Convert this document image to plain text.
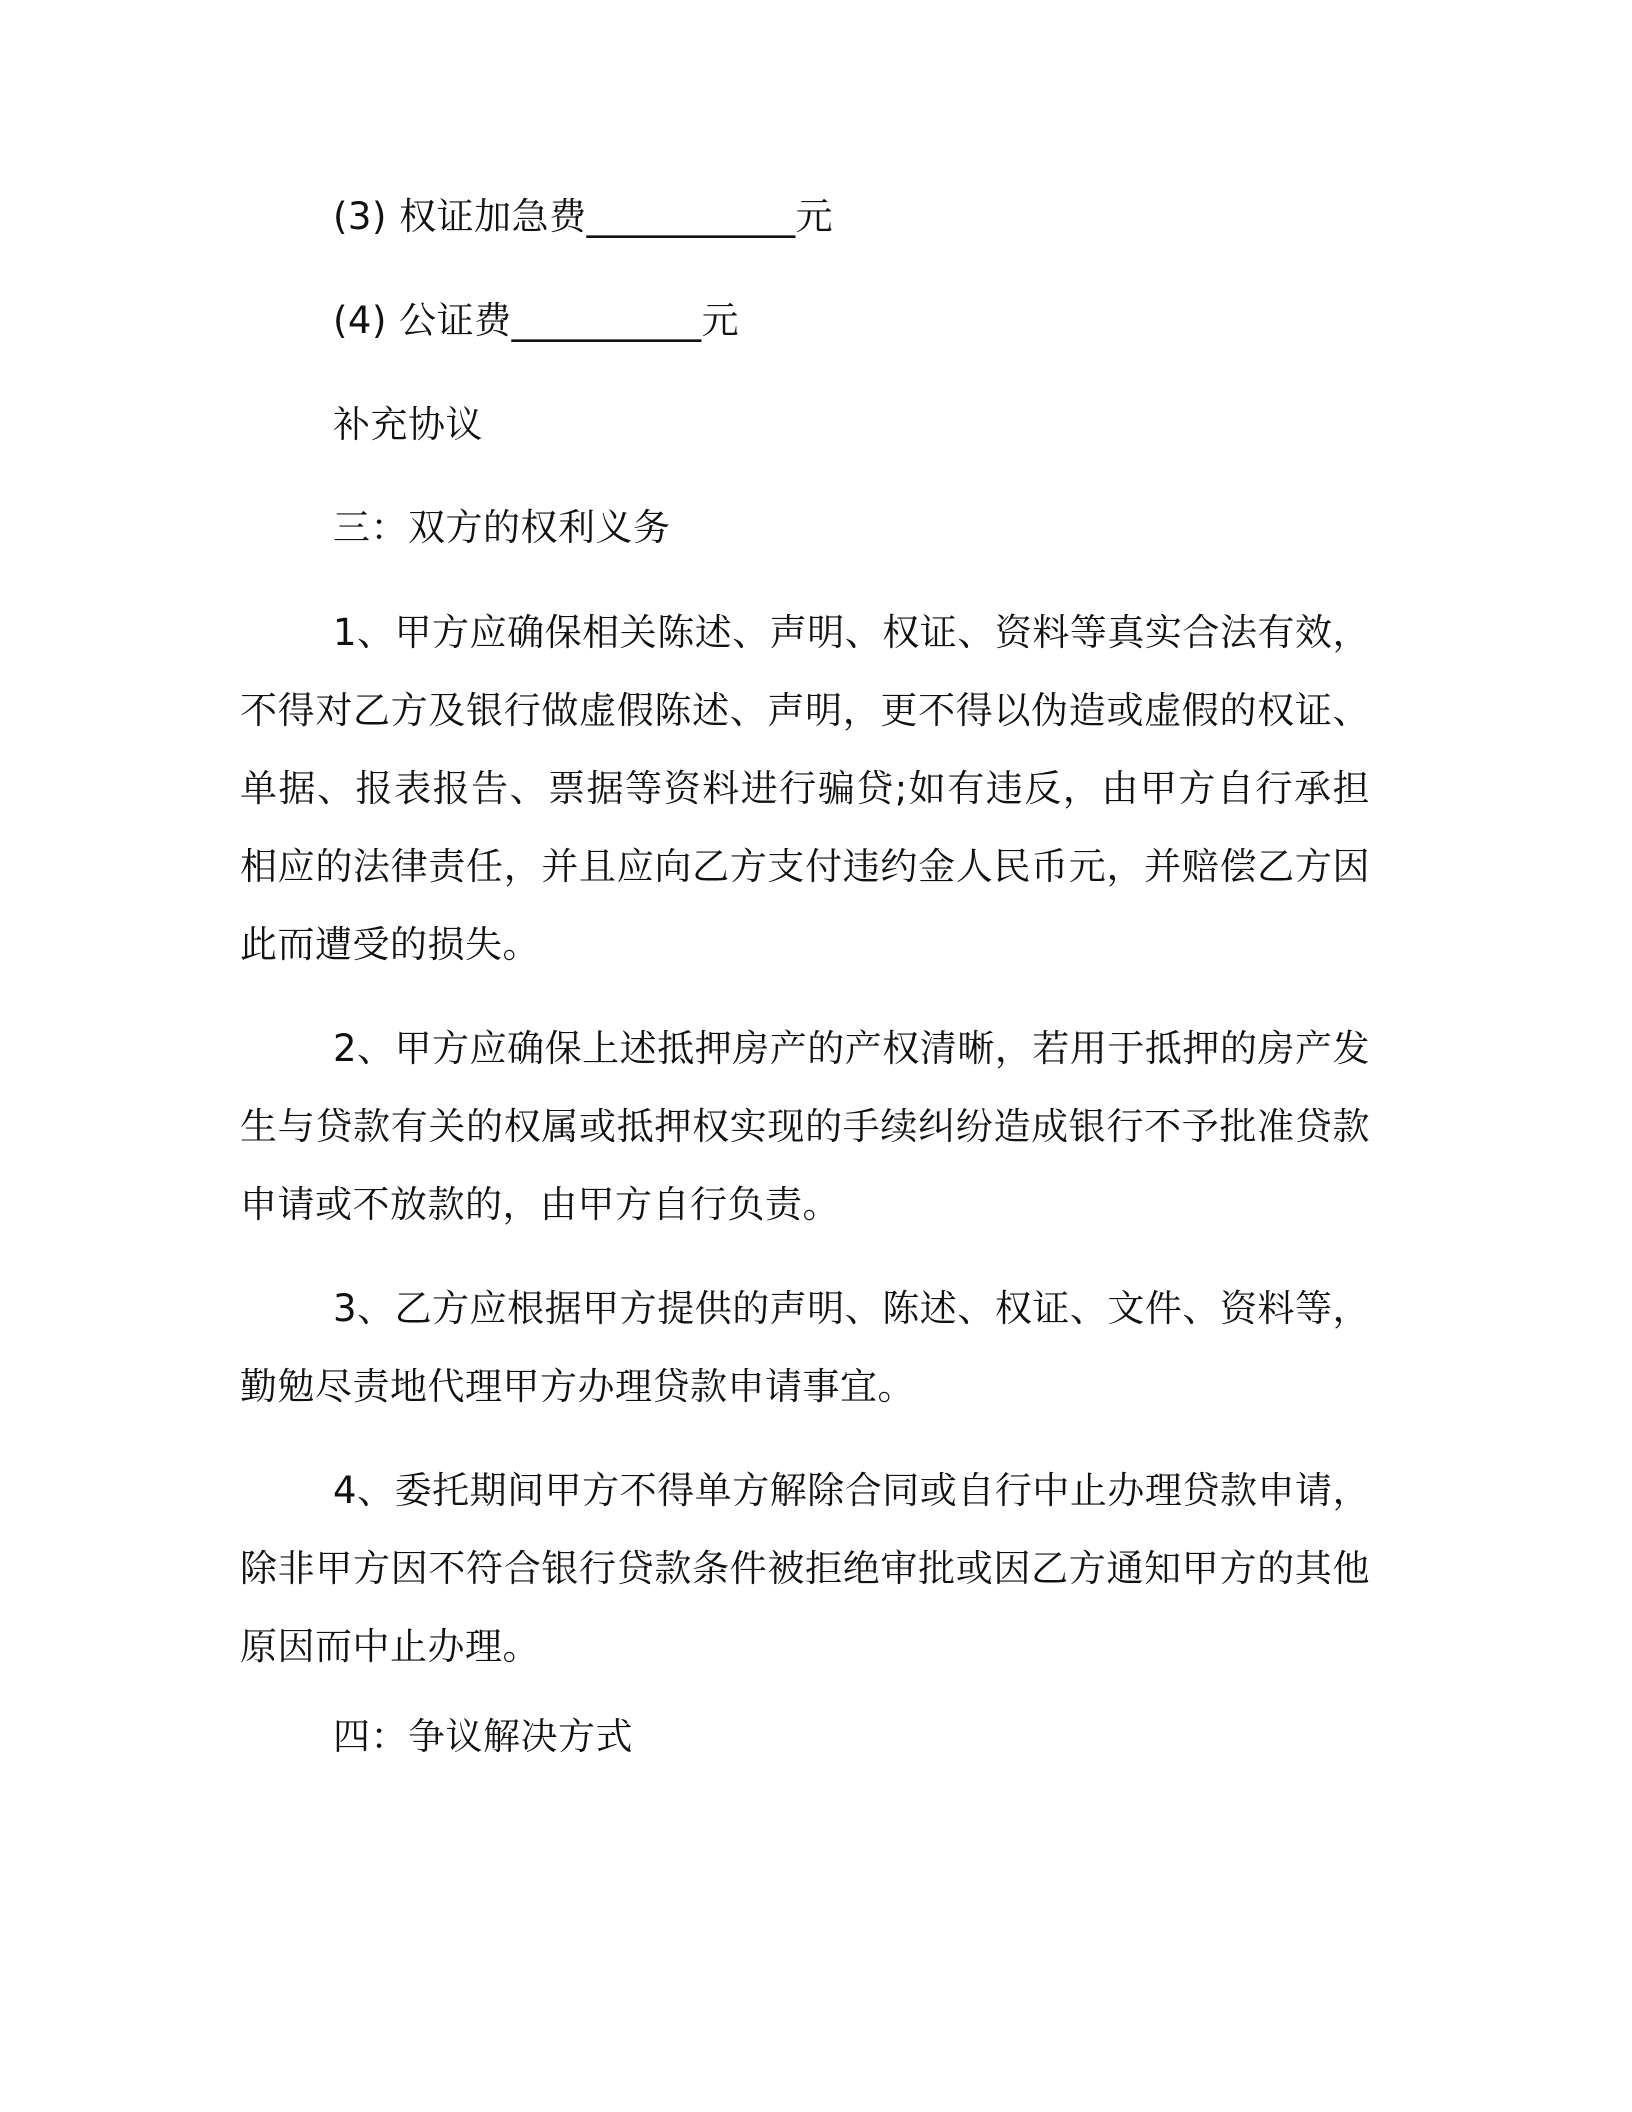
(3) 权证加急费___________元
(4) 公证费__________元
补充协议
三：双方的权利义务
1、甲方应确保相关陈述、声明、权证、资料等真实合法有效，不得对乙方及银行做虚假陈述、声明，更不得以伪造或虚假的权证、单据、报表报告、票据等资料进行骗贷;如有违反，由甲方自行承担相应的法律责任，并且应向乙方支付违约金人民币元，并赔偿乙方因此而遭受的损失。
2、甲方应确保上述抵押房产的产权清晰，若用于抵押的房产发生与贷款有关的权属或抵押权实现的手续纠纷造成银行不予批准贷款申请或不放款的，由甲方自行负责。
3、乙方应根据甲方提供的声明、陈述、权证、文件、资料等，勤勉尽责地代理甲方办理贷款申请事宜。
4、委托期间甲方不得单方解除合同或自行中止办理贷款申请，除非甲方因不符合银行贷款条件被拒绝审批或因乙方通知甲方的其他原因而中止办理。
四：争议解决方式
